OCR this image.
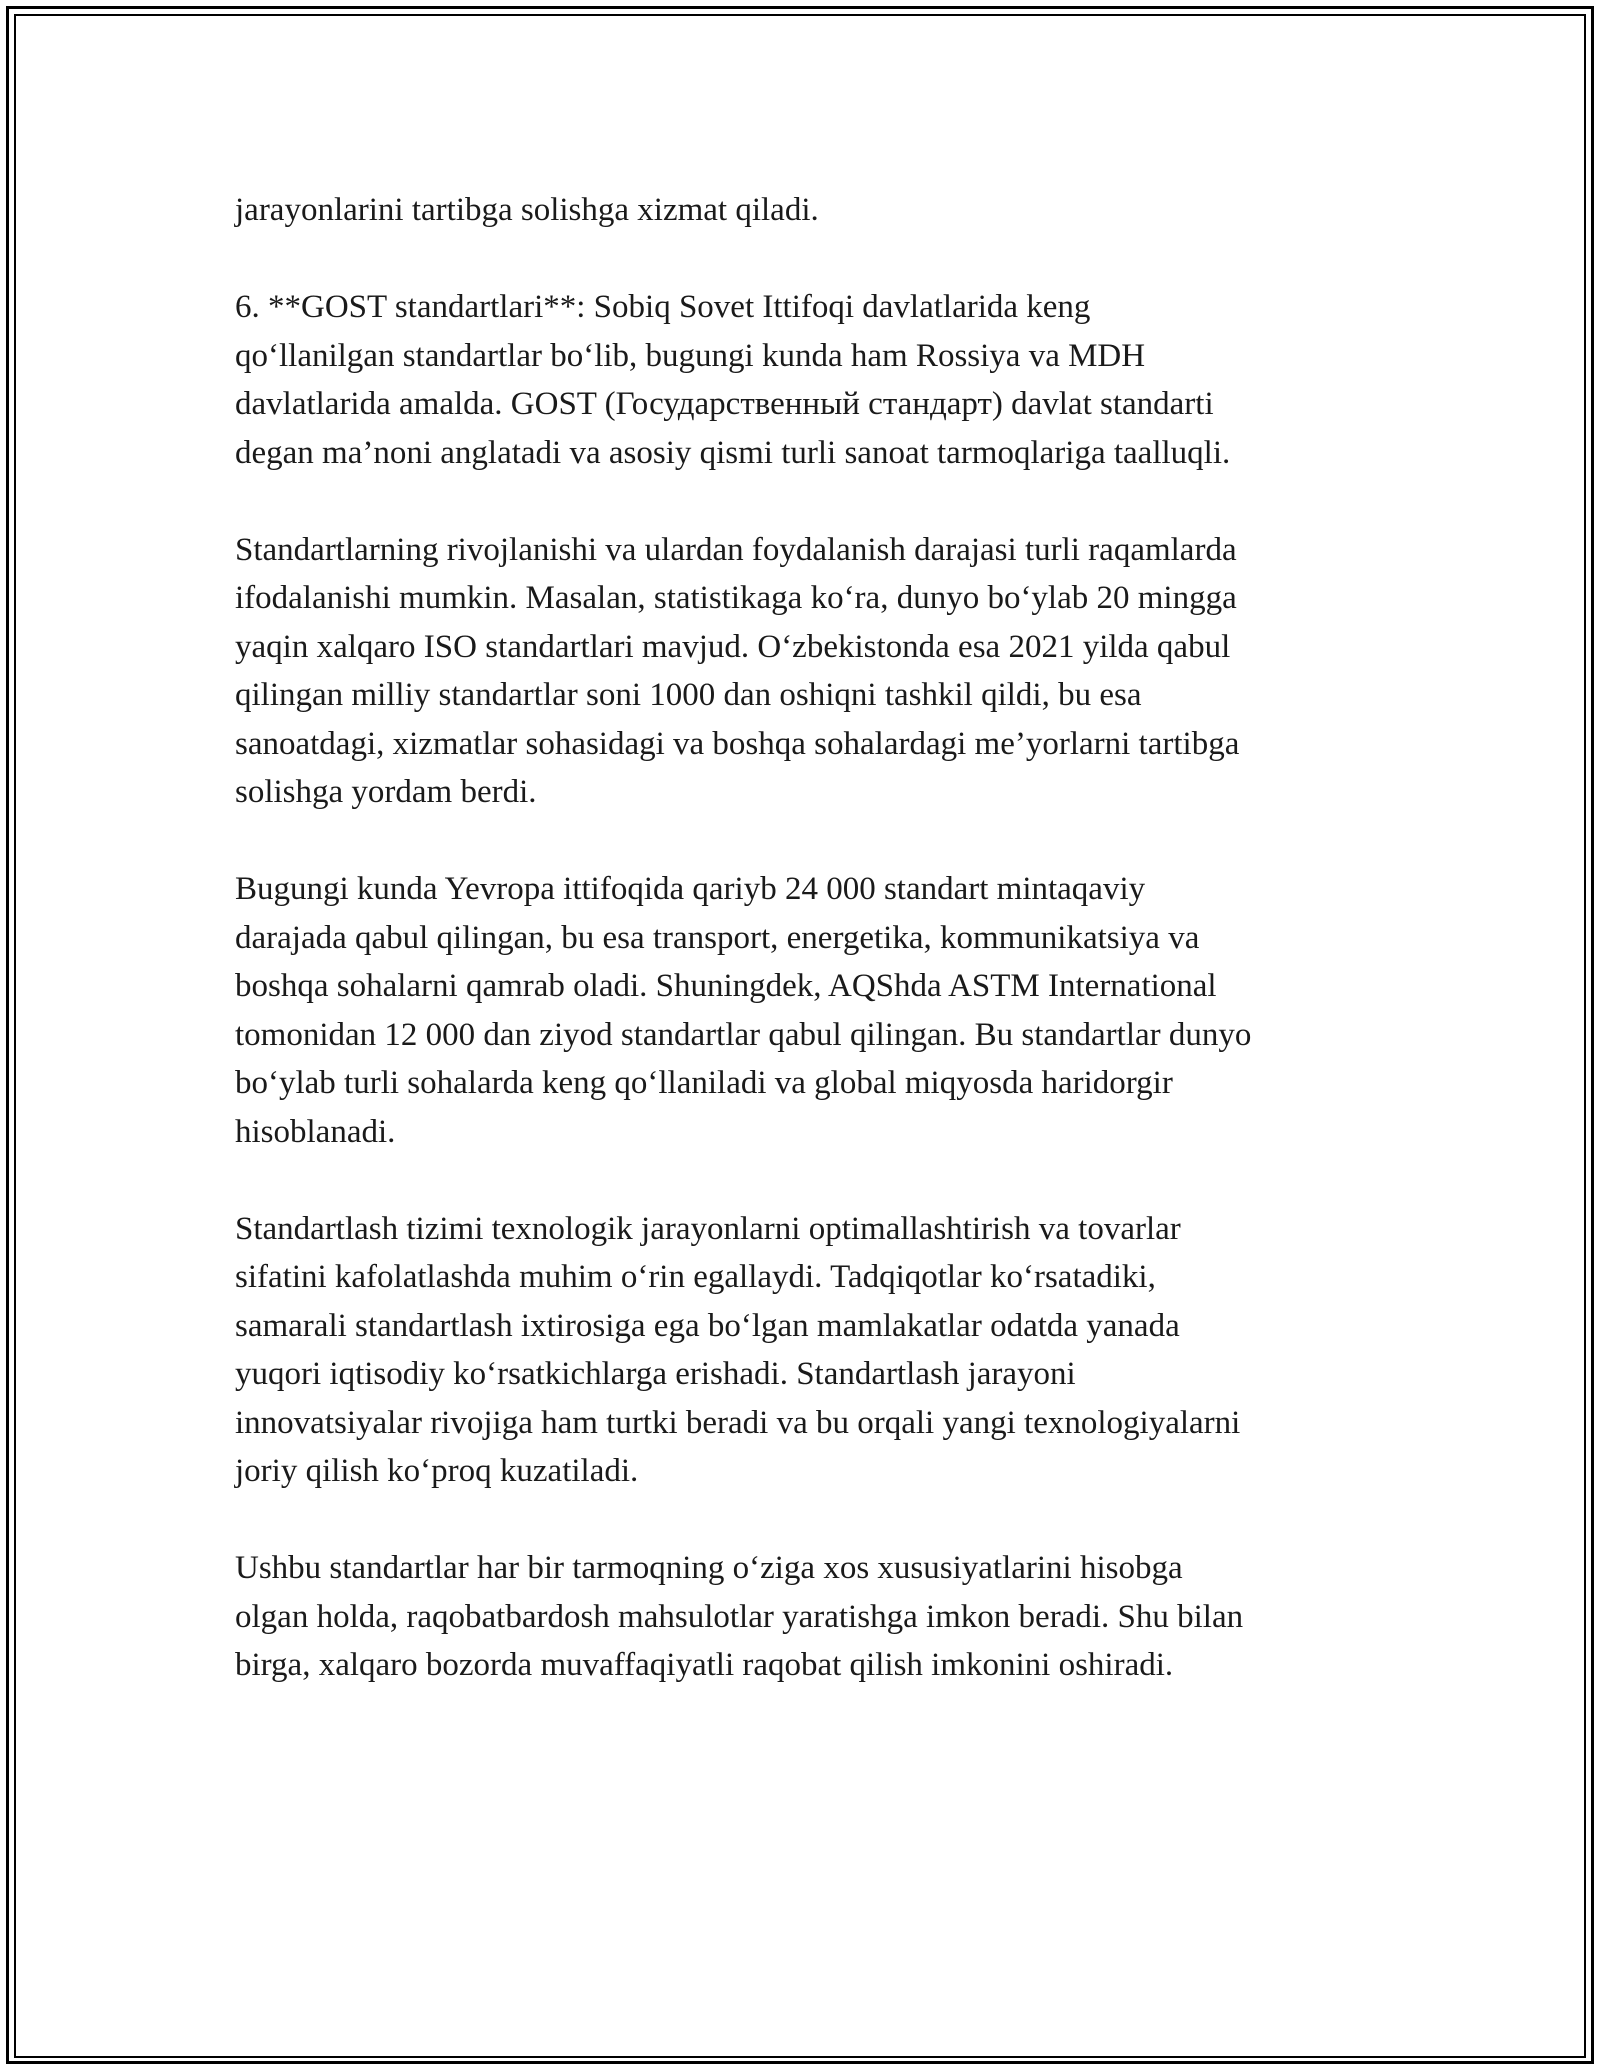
jarayonlarini tartibga solishga xizmat qiladi.

6. **GOST standartlari**: Sobiq Sovet Ittifoqi davlatlarida keng
qo‘llanilgan standartlar bo‘lib, bugungi kunda ham Rossiya va MDH
davlatlarida amalda. GOST (Государственный стандарт) davlat standarti
degan ma’noni anglatadi va asosiy qismi turli sanoat tarmoqlariga taalluqli.

Standartlarning rivojlanishi va ulardan foydalanish darajasi turli raqamlarda
ifodalanishi mumkin. Masalan, statistikaga ko‘ra, dunyo bo‘ylab 20 mingga
yaqin xalqaro ISO standartlari mavjud. O‘zbekistonda esa 2021 yilda qabul
qilingan milliy standartlar soni 1000 dan oshiqni tashkil qildi, bu esa
sanoatdagi, xizmatlar sohasidagi va boshqa sohalardagi me’yorlarni tartibga
solishga yordam berdi.

Bugungi kunda Yevropa ittifoqida qariyb 24 000 standart mintaqaviy
darajada qabul qilingan, bu esa transport, energetika, kommunikatsiya va
boshqa sohalarni qamrab oladi. Shuningdek, AQShda ASTM International
tomonidan 12 000 dan ziyod standartlar qabul qilingan. Bu standartlar dunyo
bo‘ylab turli sohalarda keng qo‘llaniladi va global miqyosda haridorgir
hisoblanadi.

Standartlash tizimi texnologik jarayonlarni optimallashtirish va tovarlar
sifatini kafolatlashda muhim o‘rin egallaydi. Tadqiqotlar ko‘rsatadiki,
samarali standartlash ixtirosiga ega bo‘lgan mamlakatlar odatda yanada
yuqori iqtisodiy ko‘rsatkichlarga erishadi. Standartlash jarayoni
innovatsiyalar rivojiga ham turtki beradi va bu orqali yangi texnologiyalarni
joriy qilish ko‘proq kuzatiladi.

Ushbu standartlar har bir tarmoqning o‘ziga xos xususiyatlarini hisobga
olgan holda, raqobatbardosh mahsulotlar yaratishga imkon beradi. Shu bilan
birga, xalqaro bozorda muvaffaqiyatli raqobat qilish imkonini oshiradi.
